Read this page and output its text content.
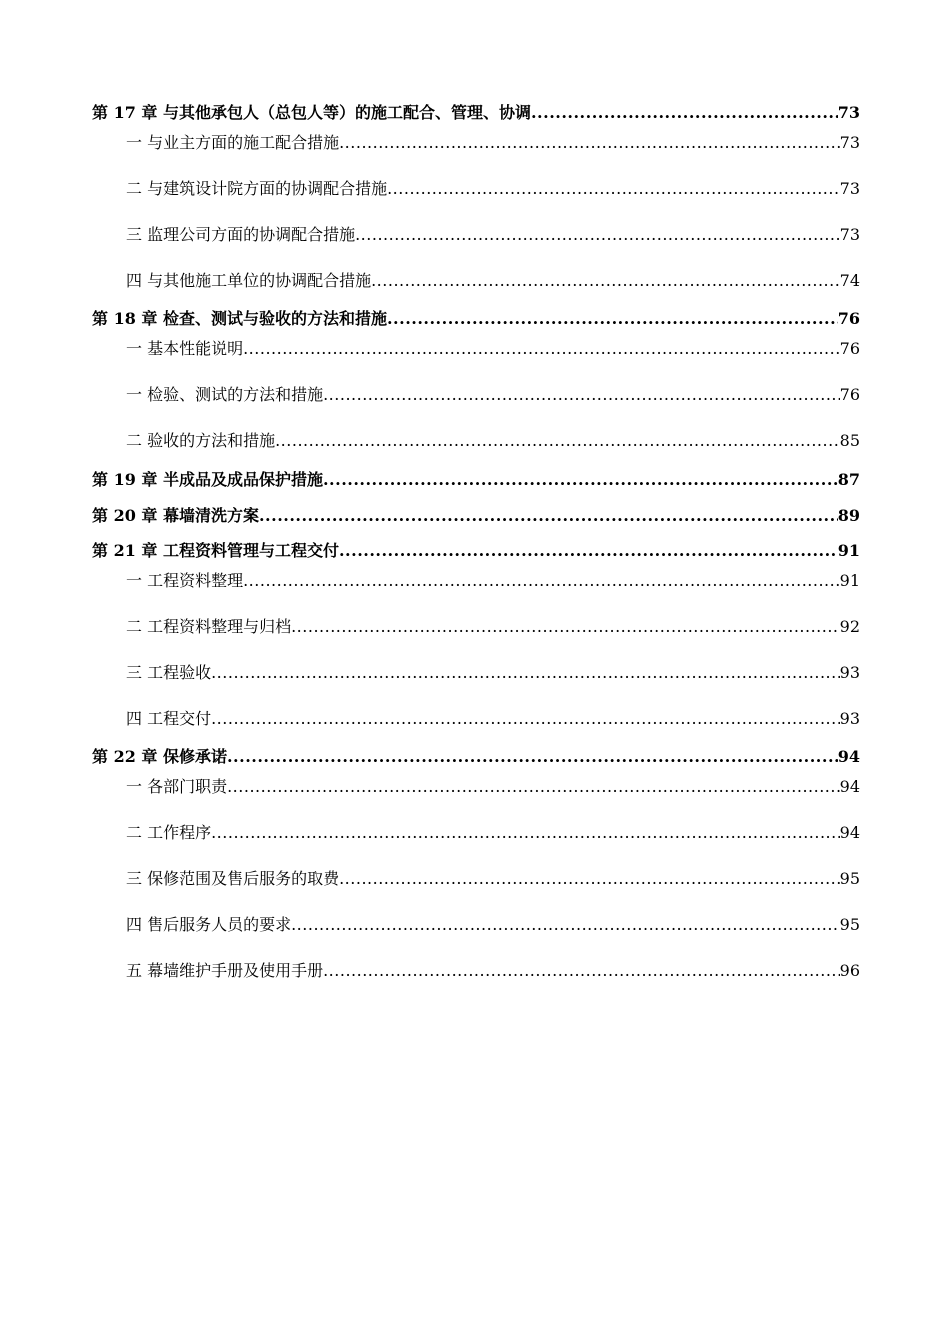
第 17 章 与其他承包人（总包人等）的施工配合、管理、协调 .....	73
一 与业主方面的施工配合措施 .....	73
二 与建筑设计院方面的协调配合措施 .....	73
三 监理公司方面的协调配合措施 .....	73
四 与其他施工单位的协调配合措施 .....	74
第 18 章 检查、测试与验收的方法和措施 .....	76
一 基本性能说明 .....	76
一 检验、测试的方法和措施 .....	76
二 验收的方法和措施 .....	85
第 19 章 半成品及成品保护措施 .....	87
第 20 章 幕墙清洗方案 .....	89
第 21 章 工程资料管理与工程交付 .....	91
一 工程资料整理 .....	91
二 工程资料整理与归档 .....	92
三 工程验收 .....	93
四 工程交付 .....	93
第 22 章 保修承诺 .....	94
一 各部门职责 .....	94
二 工作程序 .....	94
三 保修范围及售后服务的取费 .....	95
四 售后服务人员的要求 .....	95
五 幕墙维护手册及使用手册 .....	96
